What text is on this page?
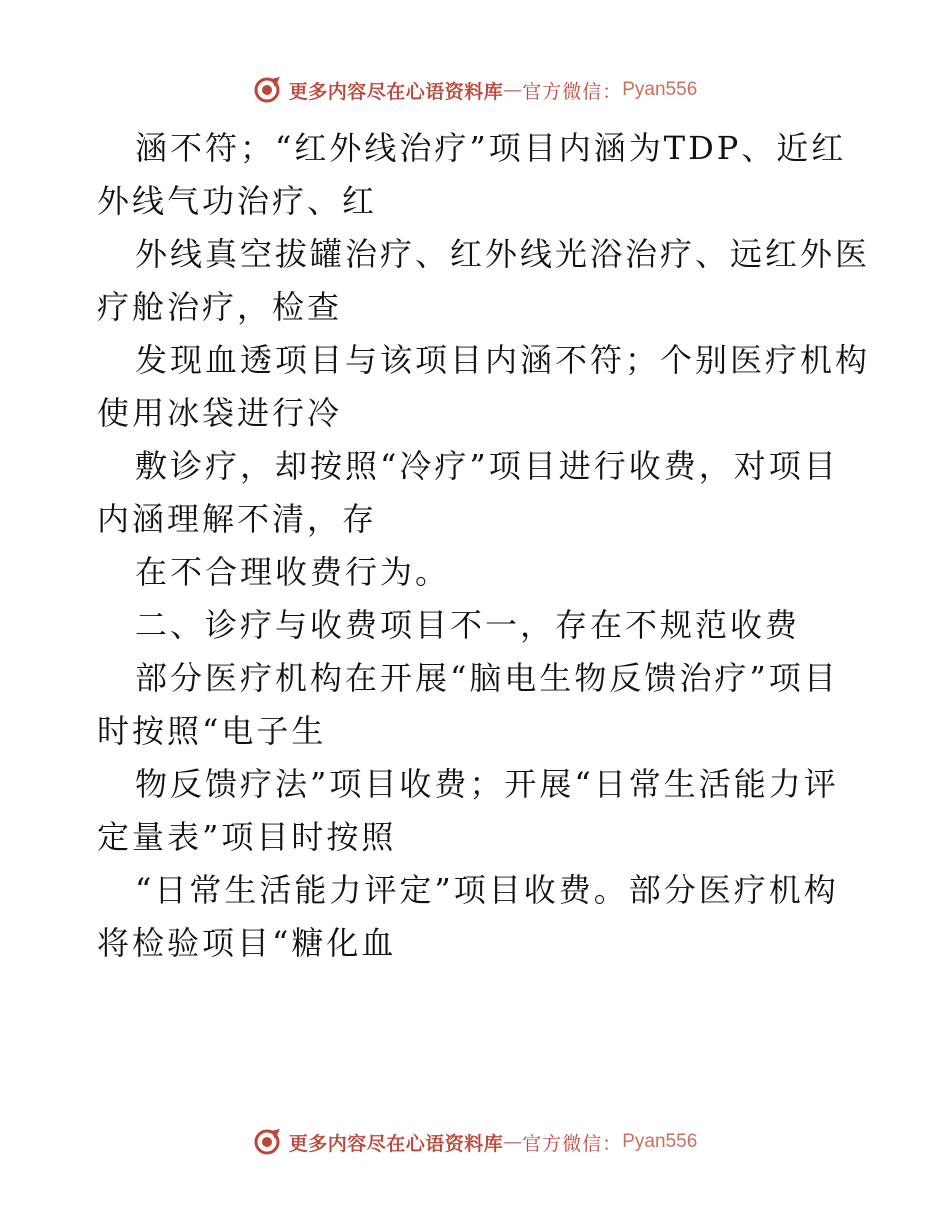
更多内容尽在心语资料库 — 官方微信： Pyan556
涵不符；“红外线治疗”项目内涵为TDP、近红
外线气功治疗、红
外线真空拔罐治疗、红外线光浴治疗、远红外医
疗舱治疗，检查
发现血透项目与该项目内涵不符；个别医疗机构
使用冰袋进行冷
敷诊疗，却按照“冷疗”项目进行收费，对项目
内涵理解不清，存
在不合理收费行为。
二、诊疗与收费项目不一，存在不规范收费
部分医疗机构在开展“脑电生物反馈治疗”项目
时按照“电子生
物反馈疗法”项目收费；开展“日常生活能力评
定量表”项目时按照
“日常生活能力评定”项目收费。部分医疗机构
将检验项目“糖化血
更多内容尽在心语资料库 — 官方微信： Pyan556
